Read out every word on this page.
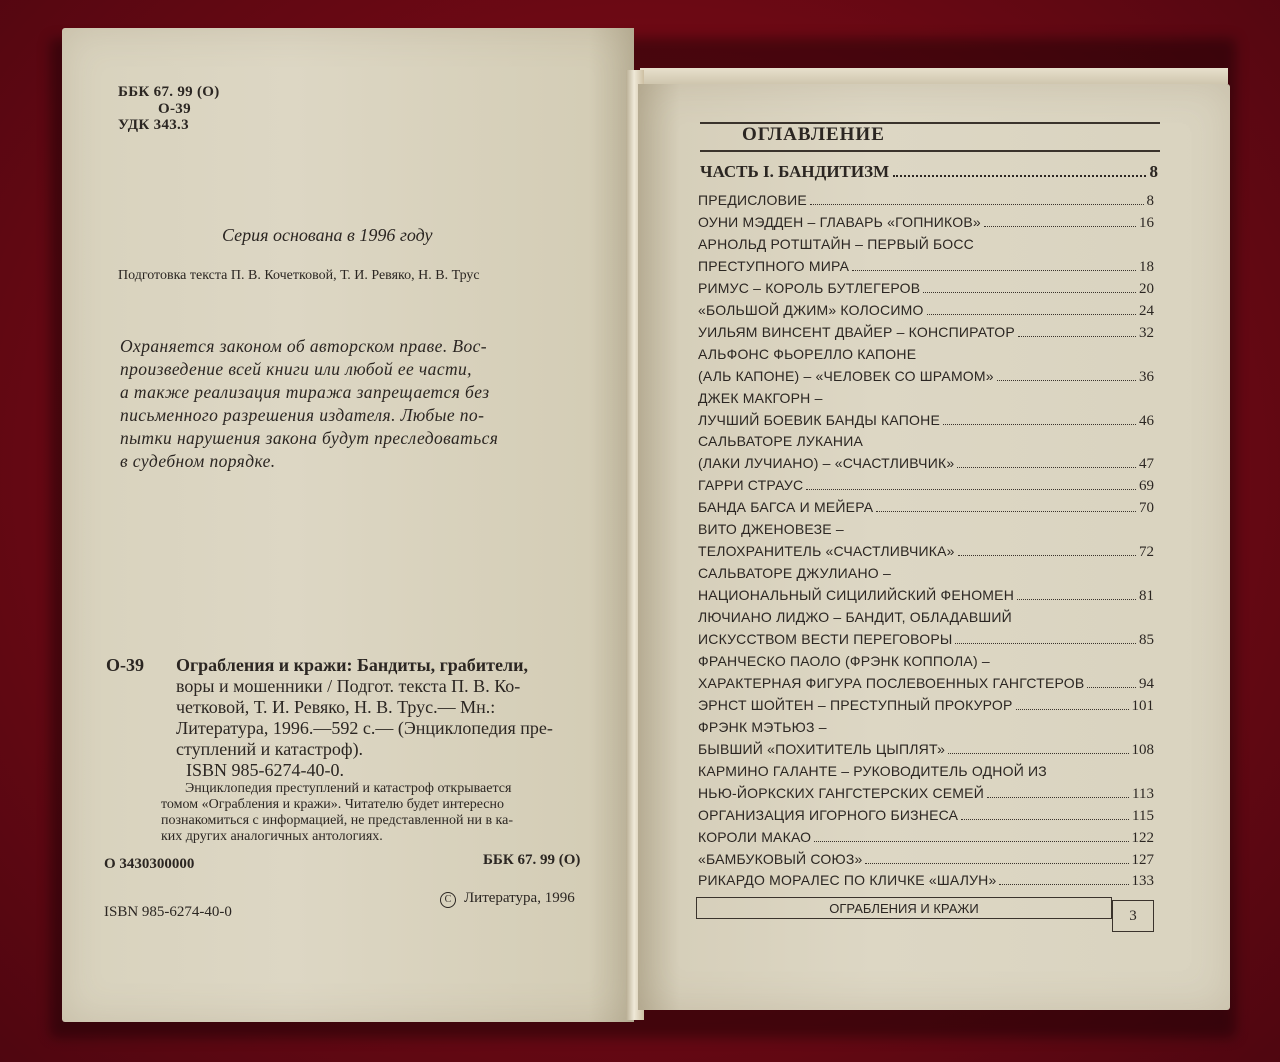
ББК 67. 99 (О)
О-39
УДК 343.3
Серия основана в 1996 году
Подготовка текста П. В. Кочетковой, Т. И. Ревяко, Н. В. Трус
Охраняется законом об авторском праве. Вос-
произведение всей книги или любой ее части,
а также реализация тиража запрещается без
письменного разрешения издателя. Любые по-
пытки нарушения закона будут преследоваться
в судебном порядке.
О-39 Ограбления и кражи: Бандиты, грабители,
воры и мошенники / Подгот. текста П. В. Ко-
четковой, Т. И. Ревяко, Н. В. Трус.— Мн.:
Литература, 1996.—592 с.— (Энциклопедия пре-
ступлений и катастроф).
ISBN 985-6274-40-0.
Энциклопедия преступлений и катастроф открывается
томом «Ограбления и кражи». Читателю будет интересно
познакомиться с информацией, не представленной ни в ка-
ких других аналогичных антологиях.
О 3430300000	ББК 67. 99 (О)
ISBN 985-6274-40-0
C Литература, 1996
ОГЛАВЛЕНИЕ
ЧАСТЬ I. БАНДИТИЗМ	8
ПРЕДИСЛОВИЕ	8
ОУНИ МЭДДЕН – ГЛАВАРЬ «ГОПНИКОВ»	16
АРНОЛЬД РОТШТАЙН – ПЕРВЫЙ БОСС
ПРЕСТУПНОГО МИРА	18
РИМУС – КОРОЛЬ БУТЛЕГЕРОВ	20
«БОЛЬШОЙ ДЖИМ» КОЛОСИМО	24
УИЛЬЯМ ВИНСЕНТ ДВАЙЕР – КОНСПИРАТОР	32
АЛЬФОНС ФЬОРЕЛЛО КАПОНЕ
(АЛЬ КАПОНЕ) – «ЧЕЛОВЕК СО ШРАМОМ»	36
ДЖЕК МАКГОРН –
ЛУЧШИЙ БОЕВИК БАНДЫ КАПОНЕ	46
САЛЬВАТОРЕ ЛУКАНИА
(ЛАКИ ЛУЧИАНО) – «СЧАСТЛИВЧИК»	47
ГАРРИ СТРАУС	69
БАНДА БАГСА И МЕЙЕРА	70
ВИТО ДЖЕНОВЕЗЕ –
ТЕЛОХРАНИТЕЛЬ «СЧАСТЛИВЧИКА»	72
САЛЬВАТОРЕ ДЖУЛИАНО –
НАЦИОНАЛЬНЫЙ СИЦИЛИЙСКИЙ ФЕНОМЕН	81
ЛЮЧИАНО ЛИДЖО – БАНДИТ, ОБЛАДАВШИЙ
ИСКУССТВОМ ВЕСТИ ПЕРЕГОВОРЫ	85
ФРАНЧЕСКО ПАОЛО (ФРЭНК КОППОЛА) –
ХАРАКТЕРНАЯ ФИГУРА ПОСЛЕВОЕННЫХ ГАНГСТЕРОВ	94
ЭРНСТ ШОЙТЕН – ПРЕСТУПНЫЙ ПРОКУРОР	101
ФРЭНК МЭТЬЮЗ –
БЫВШИЙ «ПОХИТИТЕЛЬ ЦЫПЛЯТ»	108
КАРМИНО ГАЛАНТЕ – РУКОВОДИТЕЛЬ ОДНОЙ ИЗ
НЬЮ-ЙОРКСКИХ ГАНГСТЕРСКИХ СЕМЕЙ	113
ОРГАНИЗАЦИЯ ИГОРНОГО БИЗНЕСА	115
КОРОЛИ МАКАО	122
«БАМБУКОВЫЙ СОЮЗ»	127
РИКАРДО МОРАЛЕС ПО КЛИЧКЕ «ШАЛУН»	133
ОГРАБЛЕНИЯ И КРАЖИ	3
